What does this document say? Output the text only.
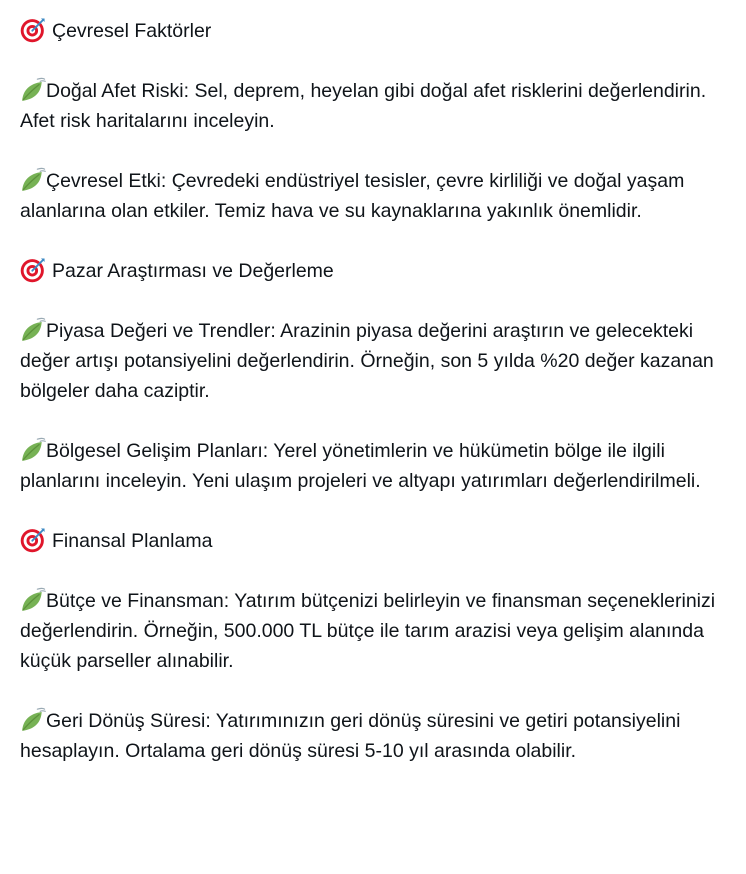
Çevresel Faktörler

Doğal Afet Riski: Sel, deprem, heyelan gibi doğal afet risklerini değerlendirin. Afet risk haritalarını inceleyin.

Çevresel Etki: Çevredeki endüstriyel tesisler, çevre kirliliği ve doğal yaşam alanlarına olan etkiler. Temiz hava ve su kaynaklarına yakınlık önemlidir.

Pazar Araştırması ve Değerleme

Piyasa Değeri ve Trendler: Arazinin piyasa değerini araştırın ve gelecekteki değer artışı potansiyelini değerlendirin. Örneğin, son 5 yılda %20 değer kazanan bölgeler daha caziptir.

Bölgesel Gelişim Planları: Yerel yönetimlerin ve hükümetin bölge ile ilgili planlarını inceleyin. Yeni ulaşım projeleri ve altyapı yatırımları değerlendirilmeli.

Finansal Planlama

Bütçe ve Finansman: Yatırım bütçenizi belirleyin ve finansman seçeneklerinizi değerlendirin. Örneğin, 500.000 TL bütçe ile tarım arazisi veya gelişim alanında küçük parseller alınabilir.

Geri Dönüş Süresi: Yatırımınızın geri dönüş süresini ve getiri potansiyelini hesaplayın. Ortalama geri dönüş süresi 5-10 yıl arasında olabilir.
